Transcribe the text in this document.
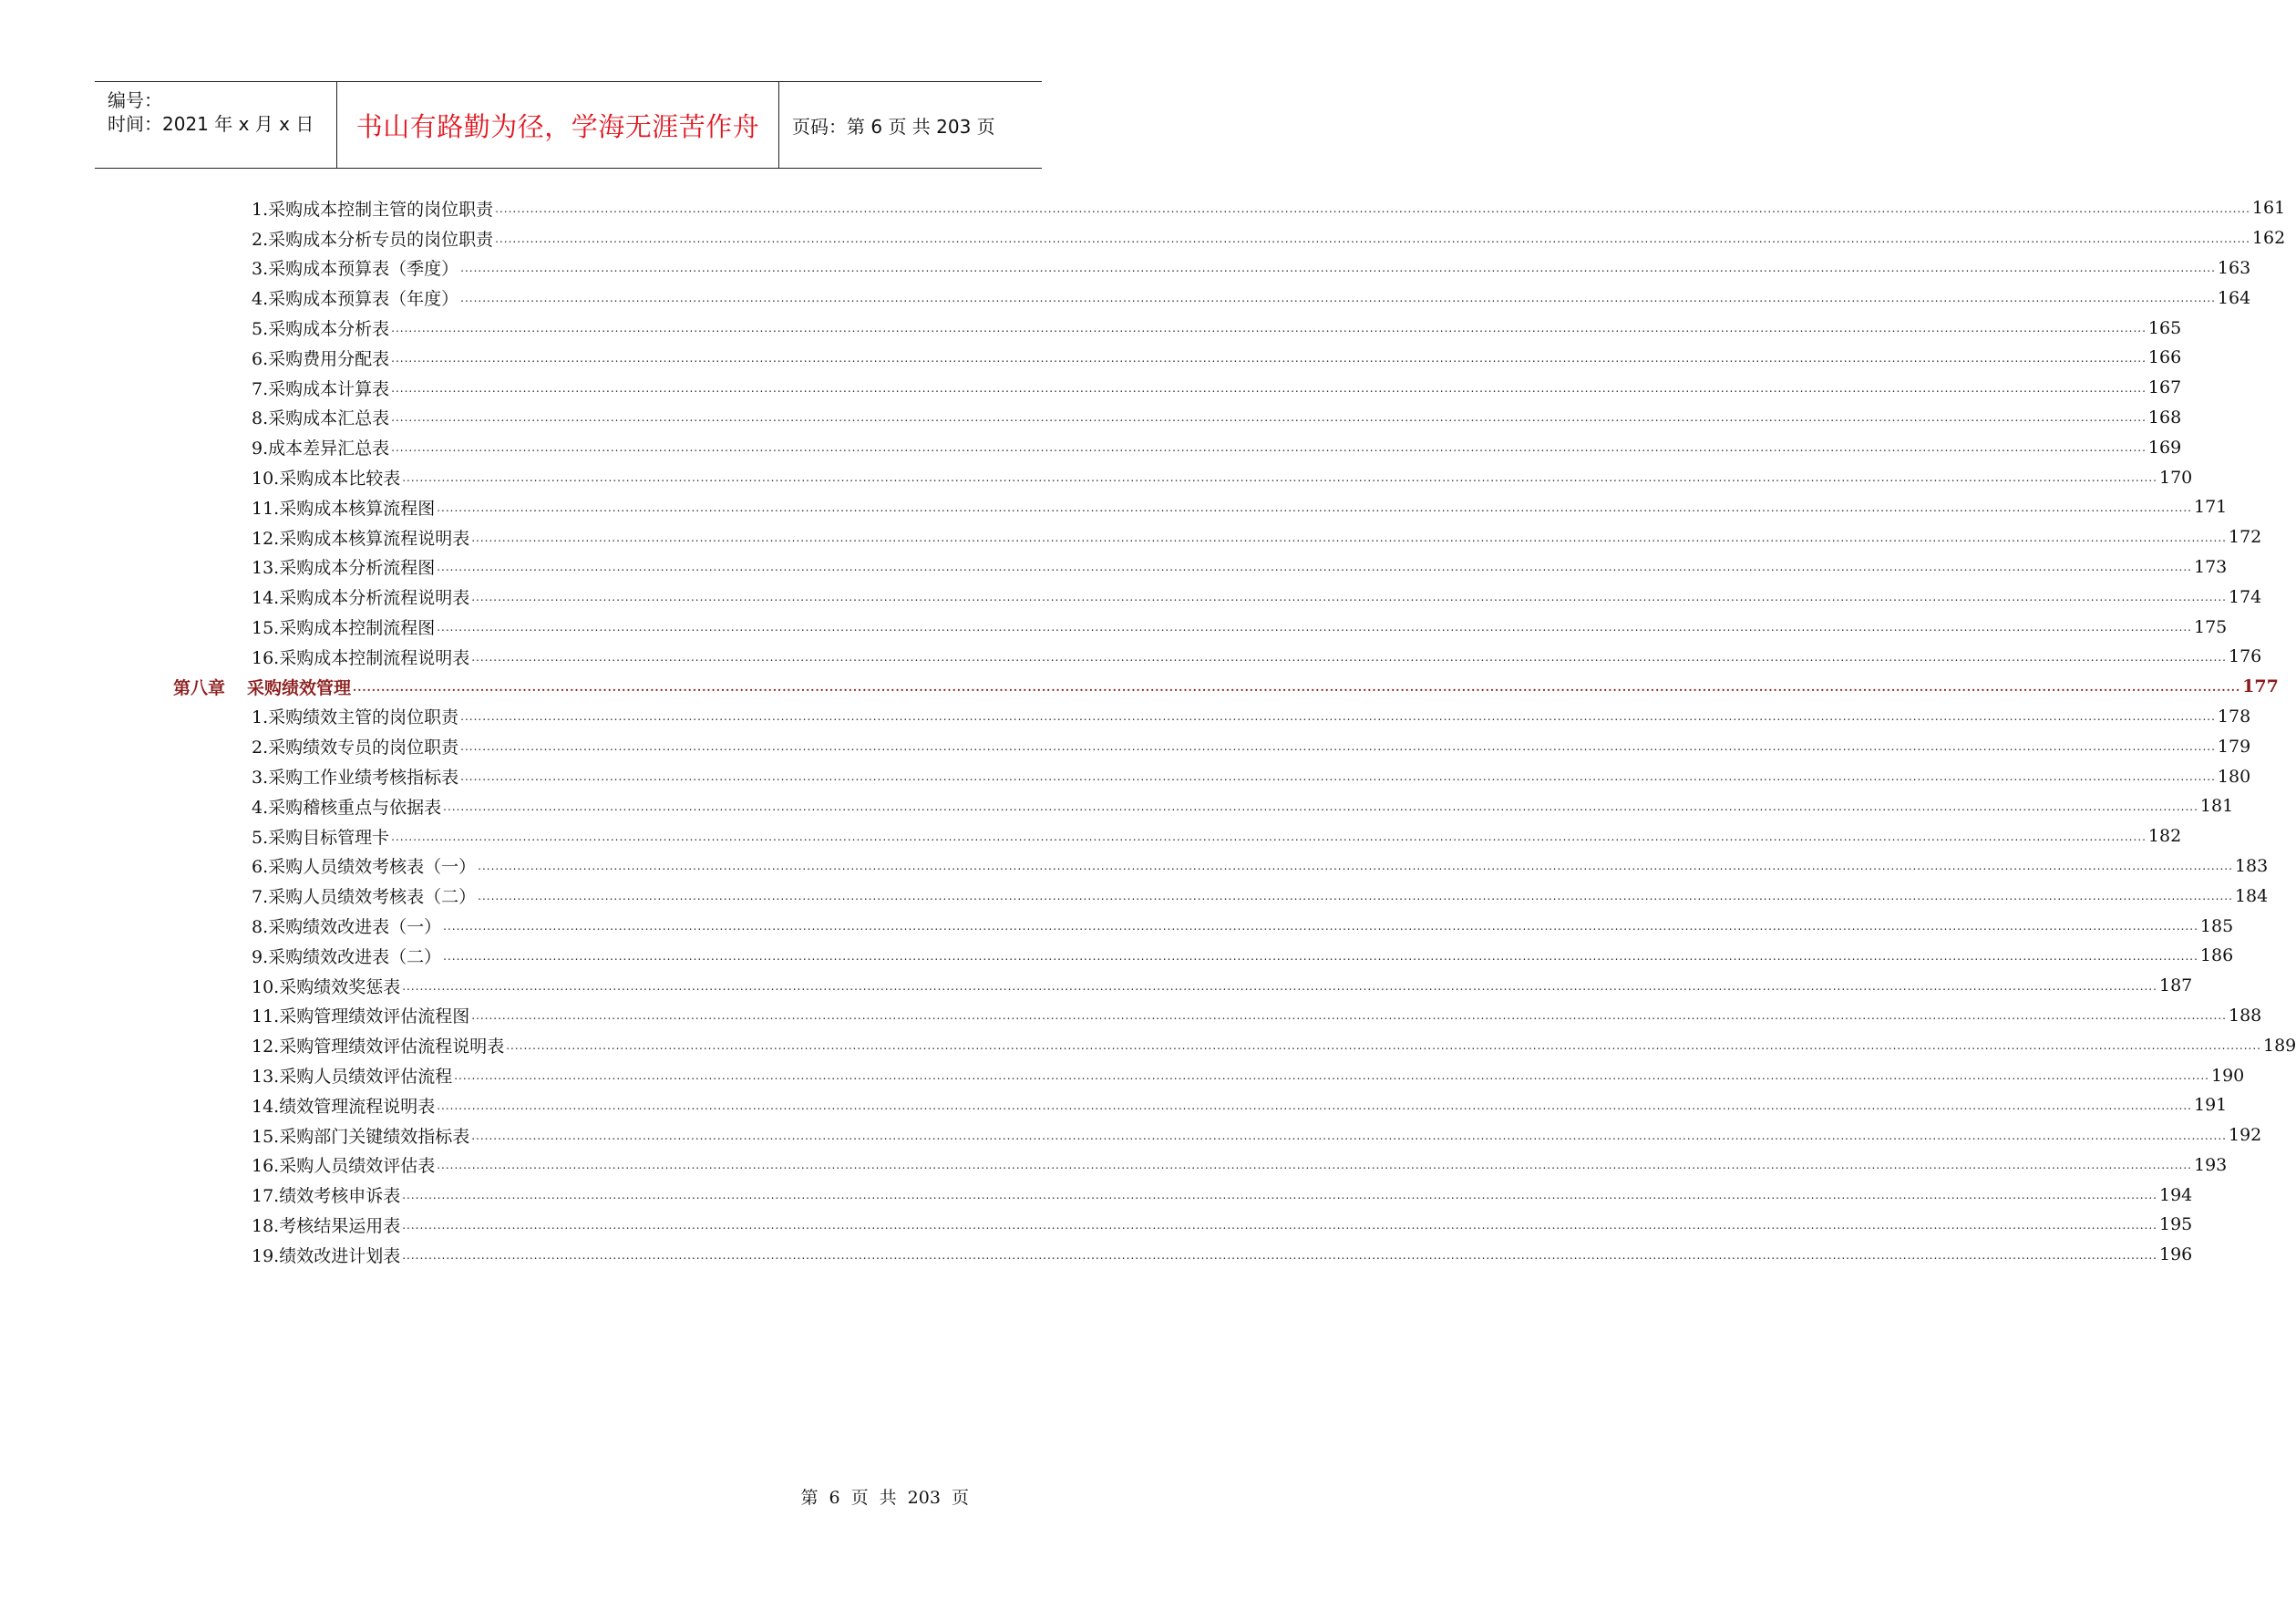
编号：
时间：2021 年 x 月 x 日 书山有路勤为径，学海无涯苦作舟 页码：第 6 页 共 203 页
1.采购成本控制主管的岗位职责 ................................................................................................................................................................................................................................................................................................................................................................................................................ 161
2.采购成本分析专员的岗位职责 ................................................................................................................................................................................................................................................................................................................................................................................................................ 162
3.采购成本预算表（季度） ................................................................................................................................................................................................................................................................................................................................................................................................................ 163
4.采购成本预算表（年度） ................................................................................................................................................................................................................................................................................................................................................................................................................ 164
5.采购成本分析表 ................................................................................................................................................................................................................................................................................................................................................................................................................ 165
6.采购费用分配表 ................................................................................................................................................................................................................................................................................................................................................................................................................ 166
7.采购成本计算表 ................................................................................................................................................................................................................................................................................................................................................................................................................ 167
8.采购成本汇总表 ................................................................................................................................................................................................................................................................................................................................................................................................................ 168
9.成本差异汇总表 ................................................................................................................................................................................................................................................................................................................................................................................................................ 169
10.采购成本比较表 ................................................................................................................................................................................................................................................................................................................................................................................................................ 170
11.采购成本核算流程图 ................................................................................................................................................................................................................................................................................................................................................................................................................ 171
12.采购成本核算流程说明表 ................................................................................................................................................................................................................................................................................................................................................................................................................ 172
13.采购成本分析流程图 ................................................................................................................................................................................................................................................................................................................................................................................................................ 173
14.采购成本分析流程说明表 ................................................................................................................................................................................................................................................................................................................................................................................................................ 174
15.采购成本控制流程图 ................................................................................................................................................................................................................................................................................................................................................................................................................ 175
16.采购成本控制流程说明表 ................................................................................................................................................................................................................................................................................................................................................................................................................ 176
第八章 采购绩效管理 ................................................................................................................................................................................................................................................................................................................................................................................................................ 177
1.采购绩效主管的岗位职责 ................................................................................................................................................................................................................................................................................................................................................................................................................ 178
2.采购绩效专员的岗位职责 ................................................................................................................................................................................................................................................................................................................................................................................................................ 179
3.采购工作业绩考核指标表 ................................................................................................................................................................................................................................................................................................................................................................................................................ 180
4.采购稽核重点与依据表 ................................................................................................................................................................................................................................................................................................................................................................................................................ 181
5.采购目标管理卡 ................................................................................................................................................................................................................................................................................................................................................................................................................ 182
6.采购人员绩效考核表（一） ................................................................................................................................................................................................................................................................................................................................................................................................................ 183
7.采购人员绩效考核表（二） ................................................................................................................................................................................................................................................................................................................................................................................................................ 184
8.采购绩效改进表（一） ................................................................................................................................................................................................................................................................................................................................................................................................................ 185
9.采购绩效改进表（二） ................................................................................................................................................................................................................................................................................................................................................................................................................ 186
10.采购绩效奖惩表 ................................................................................................................................................................................................................................................................................................................................................................................................................ 187
11.采购管理绩效评估流程图 ................................................................................................................................................................................................................................................................................................................................................................................................................ 188
12.采购管理绩效评估流程说明表 ................................................................................................................................................................................................................................................................................................................................................................................................................ 189
13.采购人员绩效评估流程 ................................................................................................................................................................................................................................................................................................................................................................................................................ 190
14.绩效管理流程说明表 ................................................................................................................................................................................................................................................................................................................................................................................................................ 191
15.采购部门关键绩效指标表 ................................................................................................................................................................................................................................................................................................................................................................................................................ 192
16.采购人员绩效评估表 ................................................................................................................................................................................................................................................................................................................................................................................................................ 193
17.绩效考核申诉表 ................................................................................................................................................................................................................................................................................................................................................................................................................ 194
18.考核结果运用表 ................................................................................................................................................................................................................................................................................................................................................................................................................ 195
19.绩效改进计划表 ................................................................................................................................................................................................................................................................................................................................................................................................................ 196
第 6 页 共 203 页
